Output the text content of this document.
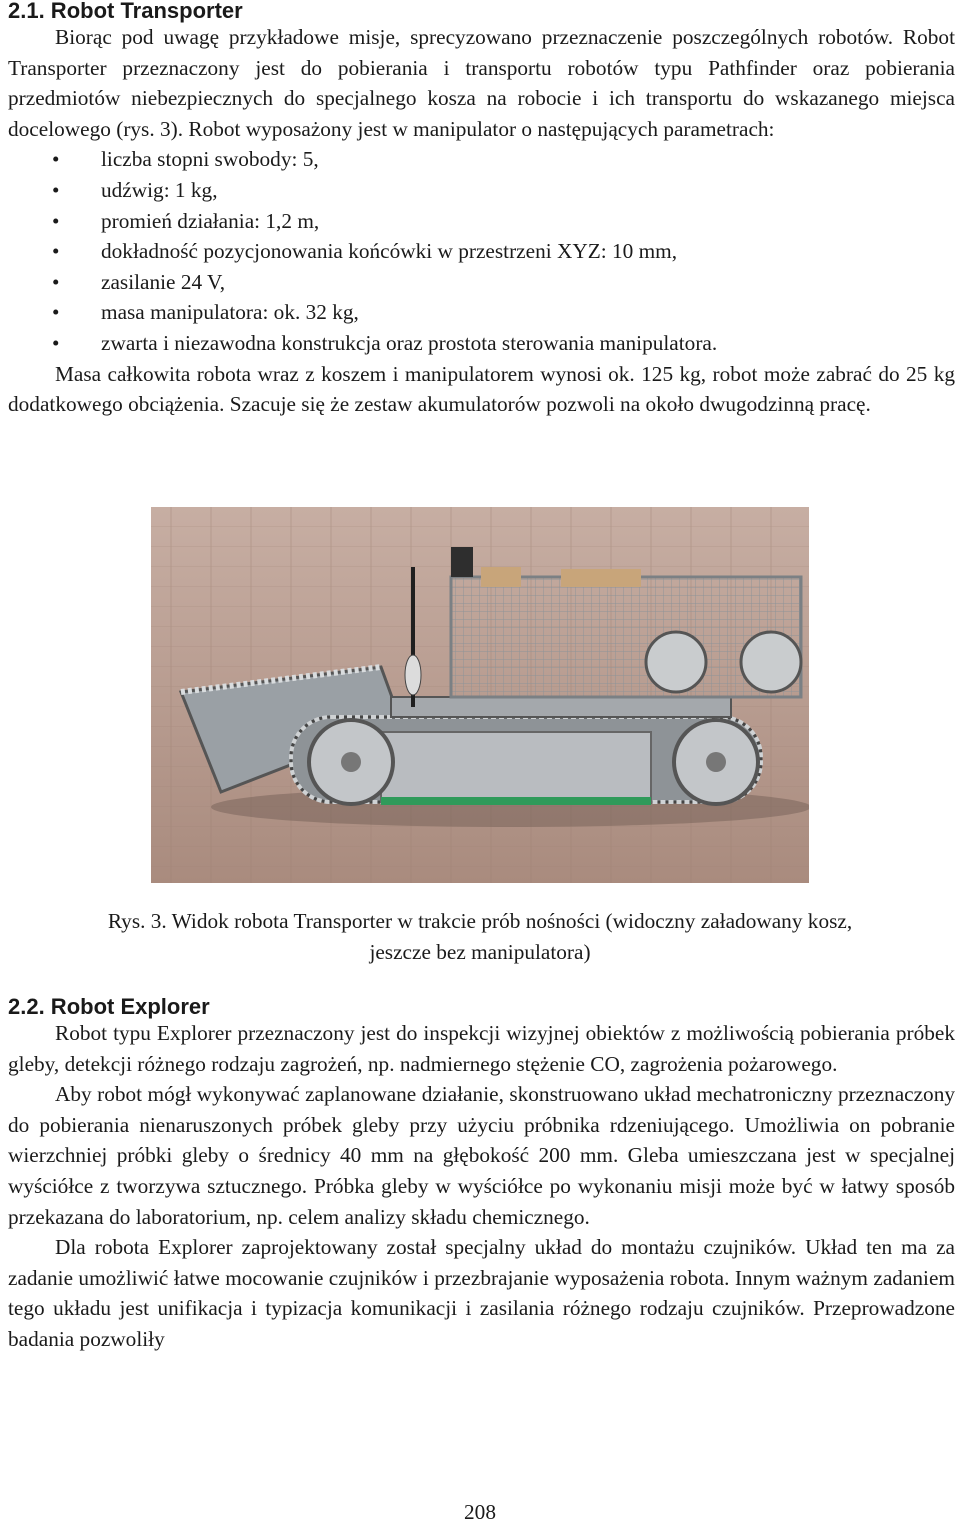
2.1. Robot Transporter

Biorąc pod uwagę przykładowe misje, sprecyzowano przeznaczenie poszczególnych robotów. Robot Transporter przeznaczony jest do pobierania i transportu robotów typu Pathfinder oraz pobierania przedmiotów niebezpiecznych do specjalnego kosza na robocie i ich transportu do wskazanego miejsca docelowego (rys. 3). Robot wyposażony jest w manipulator o następujących parametrach:

• liczba stopni swobody: 5,
• udźwig: 1 kg,
• promień działania: 1,2 m,
• dokładność pozycjonowania końcówki w przestrzeni XYZ: 10 mm,
• zasilanie 24 V,
• masa manipulatora: ok. 32 kg,
• zwarta i niezawodna konstrukcja oraz prostota sterowania manipulatora.

Masa całkowita robota wraz z koszem i manipulatorem wynosi ok. 125 kg, robot może zabrać do 25 kg dodatkowego obciążenia. Szacuje się że zestaw akumulatorów pozwoli na około dwugodzinną pracę.

Rys. 3. Widok robota Transporter w trakcie prób nośności (widoczny załadowany kosz,
jeszcze bez manipulatora)
2.2. Robot Explorer

Robot typu Explorer przeznaczony jest do inspekcji wizyjnej obiektów z możliwością pobierania próbek gleby, detekcji różnego rodzaju zagrożeń, np. nadmiernego stężenie CO, zagrożenia pożarowego.

Aby robot mógł wykonywać zaplanowane działanie, skonstruowano układ mechatroniczny przeznaczony do pobierania nienaruszonych próbek gleby przy użyciu próbnika rdzeniującego. Umożliwia on pobranie wierzchniej próbki gleby o średnicy 40 mm na głębokość 200 mm. Gleba umieszczana jest w specjalnej wyściółce z tworzywa sztucznego. Próbka gleby w wyściółce po wykonaniu misji może być w łatwy sposób przekazana do laboratorium, np. celem analizy składu chemicznego.

Dla robota Explorer zaprojektowany został specjalny układ do montażu czujników. Układ ten ma za zadanie umożliwić łatwe mocowanie czujników i przezbrajanie wyposażenia robota. Innym ważnym zadaniem tego układu jest unifikacja i typizacja komunikacji i zasilania różnego rodzaju czujników. Przeprowadzone badania pozwoliły

208
